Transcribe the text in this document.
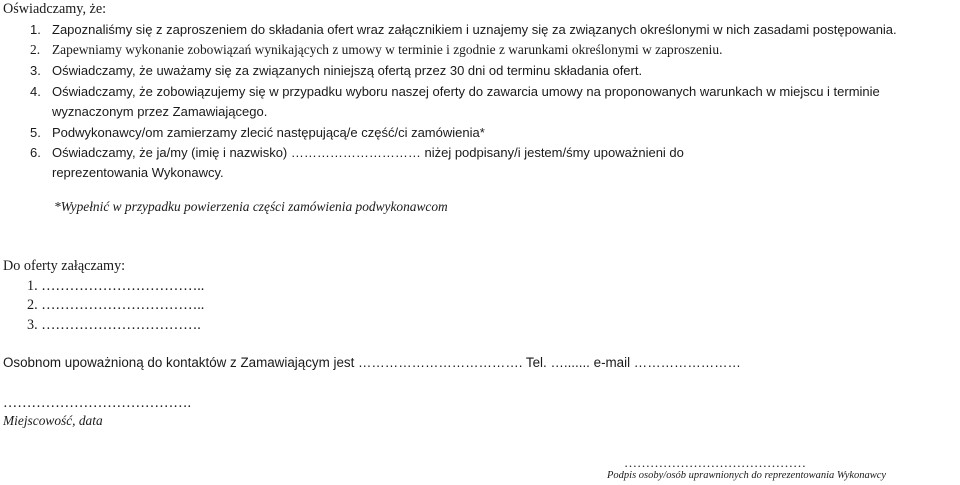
Oświadczamy, że:
1. Zapoznaliśmy się z zaproszeniem do składania ofert wraz załącznikiem i uznajemy się za związanych określonymi w nich zasadami postępowania.
2. Zapewniamy wykonanie zobowiązań wynikających z umowy w terminie i zgodnie z warunkami określonymi w zaproszeniu.
3. Oświadczamy, że uważamy się za związanych niniejszą ofertą przez 30 dni od terminu składania ofert.
4. Oświadczamy, że zobowiązujemy się w przypadku wyboru naszej oferty do zawarcia umowy na proponowanych warunkach w miejscu i terminie
wyznaczonym przez Zamawiającego.
5. Podwykonawcy/om zamierzamy zlecić następującą/e część/ci zamówienia*
6. Oświadczamy, że ja/my (imię i nazwisko) ………………………… niżej podpisany/i jestem/śmy upoważnieni do
reprezentowania Wykonawcy.
*Wypełnić w przypadku powierzenia części zamówienia podwykonawcom
Do oferty załączamy:
1. ……………………………..
2. ……………………………..
3. …………………………….
Osobnom upoważnioną do kontaktów z Zamawiającym jest ………………………………. Tel. …....... e-mail ……………………
………………………………….
Miejscowość, data
……………………………………
Podpis osoby/osób uprawnionych do reprezentowania Wykonawcy
